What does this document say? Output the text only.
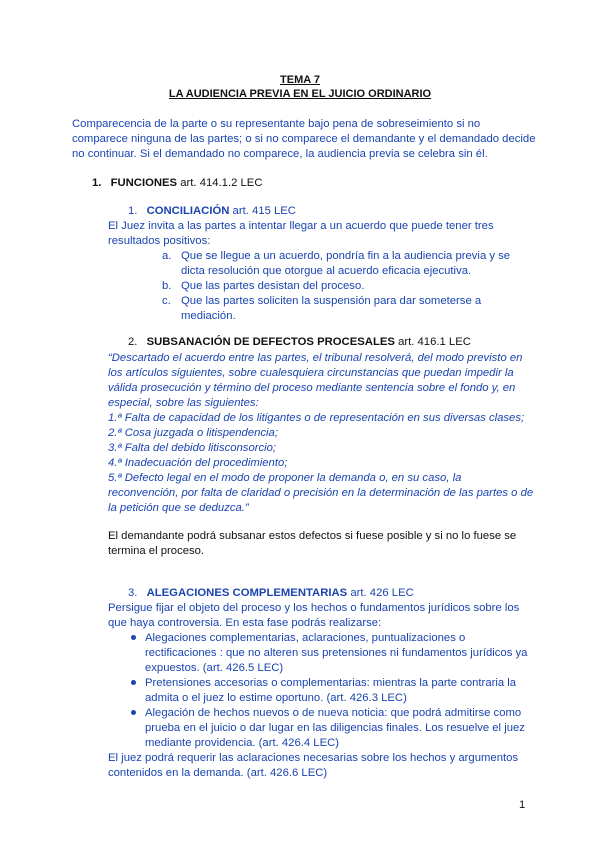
TEMA 7
LA AUDIENCIA PREVIA EN EL JUICIO ORDINARIO
Comparecencia de la parte o su representante bajo pena de sobreseimiento si no
comparece ninguna de las partes; o si no comparece el demandante y el demandado decide
no continuar. Si el demandado no comparece, la audiencia previa se celebra sin él.
1. FUNCIONES art. 414.1.2 LEC
1. CONCILIACIÓN art. 415 LEC
El Juez invita a las partes a intentar llegar a un acuerdo que puede tener tres
resultados positivos:
a. Que se llegue a un acuerdo, pondría fin a la audiencia previa y se
dicta resolución que otorgue al acuerdo eficacia ejecutiva.
b. Que las partes desistan del proceso.
c. Que las partes soliciten la suspensión para dar someterse a
mediación.
2. SUBSANACIÓN DE DEFECTOS PROCESALES art. 416.1 LEC
“Descartado el acuerdo entre las partes, el tribunal resolverá, del modo previsto en
los artículos siguientes, sobre cualesquiera circunstancias que puedan impedir la
válida prosecución y término del proceso mediante sentencia sobre el fondo y, en
especial, sobre las siguientes:
1.ª Falta de capacidad de los litigantes o de representación en sus diversas clases;
2.ª Cosa juzgada o litispendencia;
3.ª Falta del debido litisconsorcio;
4.ª Inadecuación del procedimiento;
5.ª Defecto legal en el modo de proponer la demanda o, en su caso, la
reconvención, por falta de claridad o precisión en la determinación de las partes o de
la petición que se deduzca.”
El demandante podrá subsanar estos defectos si fuese posible y si no lo fuese se
termina el proceso.
3. ALEGACIONES COMPLEMENTARIAS art. 426 LEC
Persigue fijar el objeto del proceso y los hechos o fundamentos jurídicos sobre los
que haya controversia. En esta fase podrás realizarse:
Alegaciones complementarias, aclaraciones, puntualizaciones o
rectificaciones : que no alteren sus pretensiones ni fundamentos jurídicos ya
expuestos. (art. 426.5 LEC)
Pretensiones accesorias o complementarias: mientras la parte contraria la
admita o el juez lo estime oportuno. (art. 426.3 LEC)
Alegación de hechos nuevos o de nueva noticia: que podrá admitirse como
prueba en el juicio o dar lugar en las diligencias finales. Los resuelve el juez
mediante providencia. (art. 426.4 LEC)
El juez podrá requerir las aclaraciones necesarias sobre los hechos y argumentos
contenidos en la demanda. (art. 426.6 LEC)
1
